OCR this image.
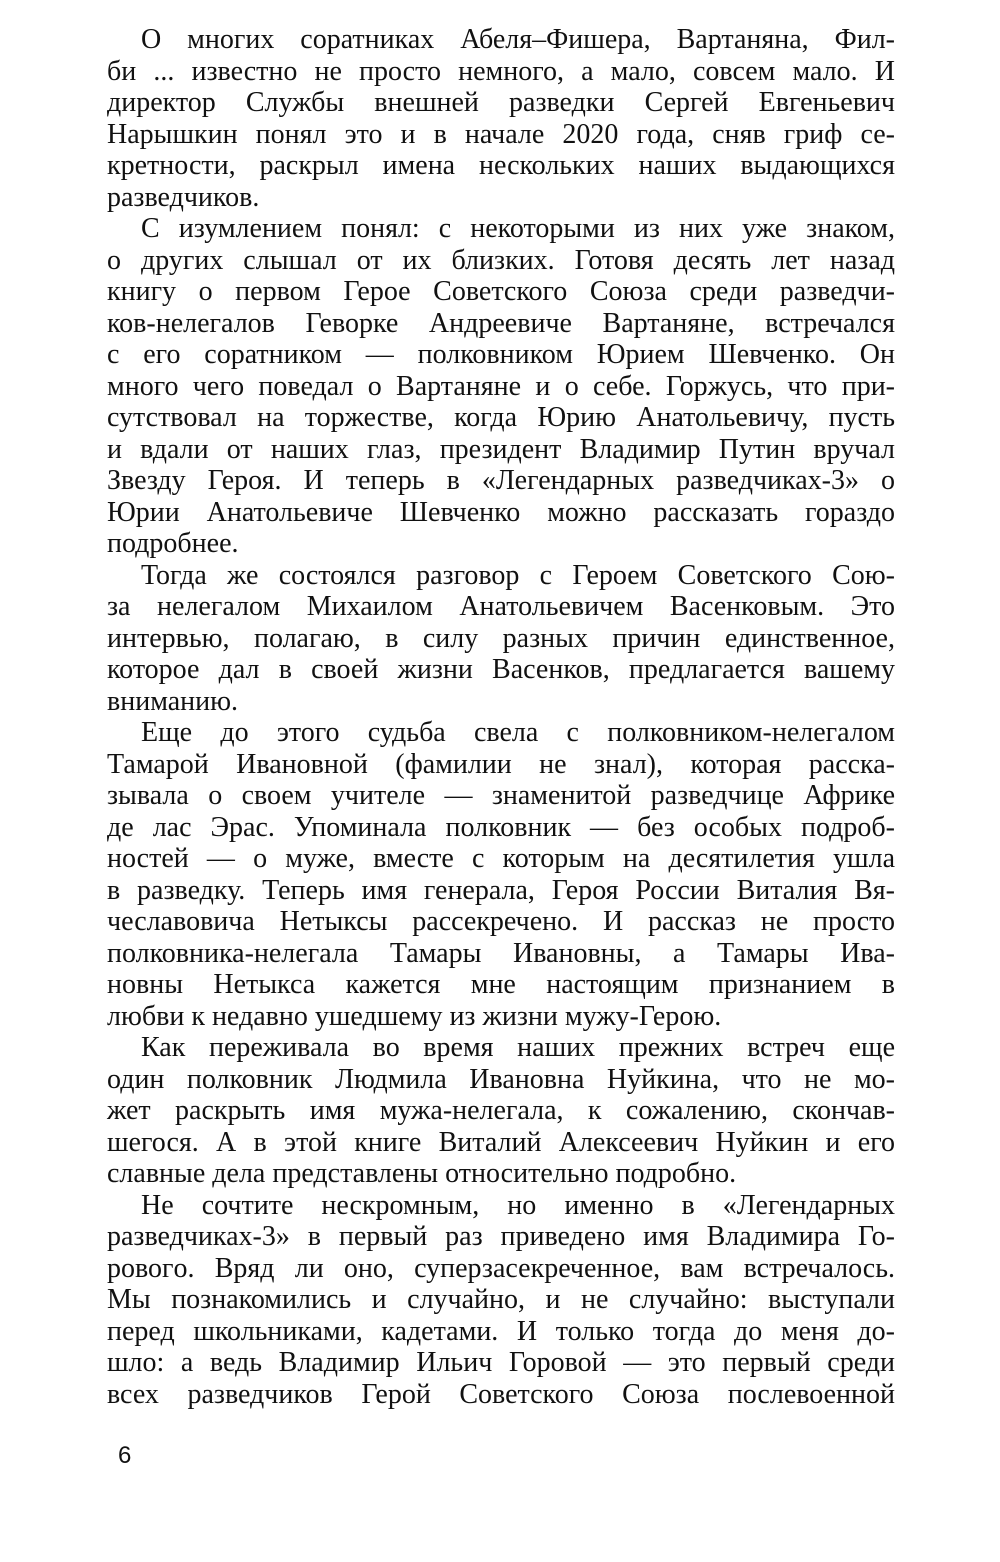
О многих соратниках Абеля–Фишера, Вартаняна, Фил-
би ... известно не просто немного, а мало, совсем мало. И
директор Службы внешней разведки Сергей Евгеньевич
Нарышкин понял это и в начале 2020 года, сняв гриф се-
кретности, раскрыл имена нескольких наших выдающихся
разведчиков.
С изумлением понял: с некоторыми из них уже знаком,
о других слышал от их близких. Готовя десять лет назад
книгу о первом Герое Советского Союза среди разведчи-
ков-нелегалов Геворке Андреевиче Вартаняне, встречался
с его соратником — полковником Юрием Шевченко. Он
много чего поведал о Вартаняне и о себе. Горжусь, что при-
сутствовал на торжестве, когда Юрию Анатольевичу, пусть
и вдали от наших глаз, президент Владимир Путин вручал
Звезду Героя. И теперь в «Легендарных разведчиках-3» о
Юрии Анатольевиче Шевченко можно рассказать гораздо
подробнее.
Тогда же состоялся разговор с Героем Советского Сою-
за нелегалом Михаилом Анатольевичем Васенковым. Это
интервью, полагаю, в силу разных причин единственное,
которое дал в своей жизни Васенков, предлагается вашему
вниманию.
Еще до этого судьба свела с полковником-нелегалом
Тамарой Ивановной (фамилии не знал), которая расска-
зывала о своем учителе — знаменитой разведчице Африке
де лас Эрас. Упоминала полковник — без особых подроб-
ностей — о муже, вместе с которым на десятилетия ушла
в разведку. Теперь имя генерала, Героя России Виталия Вя-
чеславовича Нетыксы рассекречено. И рассказ не просто
полковника-нелегала Тамары Ивановны, а Тамары Ива-
новны Нетыкса кажется мне настоящим признанием в
любви к недавно ушедшему из жизни мужу-Герою.
Как переживала во время наших прежних встреч еще
один полковник Людмила Ивановна Нуйкина, что не мо-
жет раскрыть имя мужа-нелегала, к сожалению, скончав-
шегося. А в этой книге Виталий Алексеевич Нуйкин и его
славные дела представлены относительно подробно.
Не сочтите нескромным, но именно в «Легендарных
разведчиках-3» в первый раз приведено имя Владимира Го-
ровогo. Вряд ли оно, суперзасекреченное, вам встречалось.
Мы познакомились и случайно, и не случайно: выступали
перед школьниками, кадетами. И только тогда до меня до-
шло: а ведь Владимир Ильич Горовой — это первый среди
всех разведчиков Герой Советского Союза послевоенной
6
